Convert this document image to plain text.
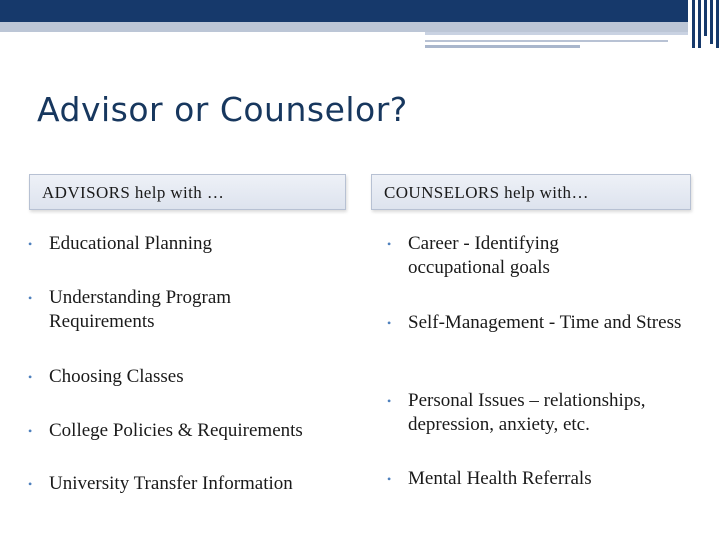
Advisor or Counselor?
ADVISORS help with …	COUNSELORS help with…
• Educational Planning
• Understanding Program Requirements
• Choosing Classes
• College Policies & Requirements
• University Transfer Information
• Career - Identifying occupational goals
• Self-Management - Time and Stress
• Personal Issues – relationships, depression, anxiety, etc.
• Mental Health Referrals
